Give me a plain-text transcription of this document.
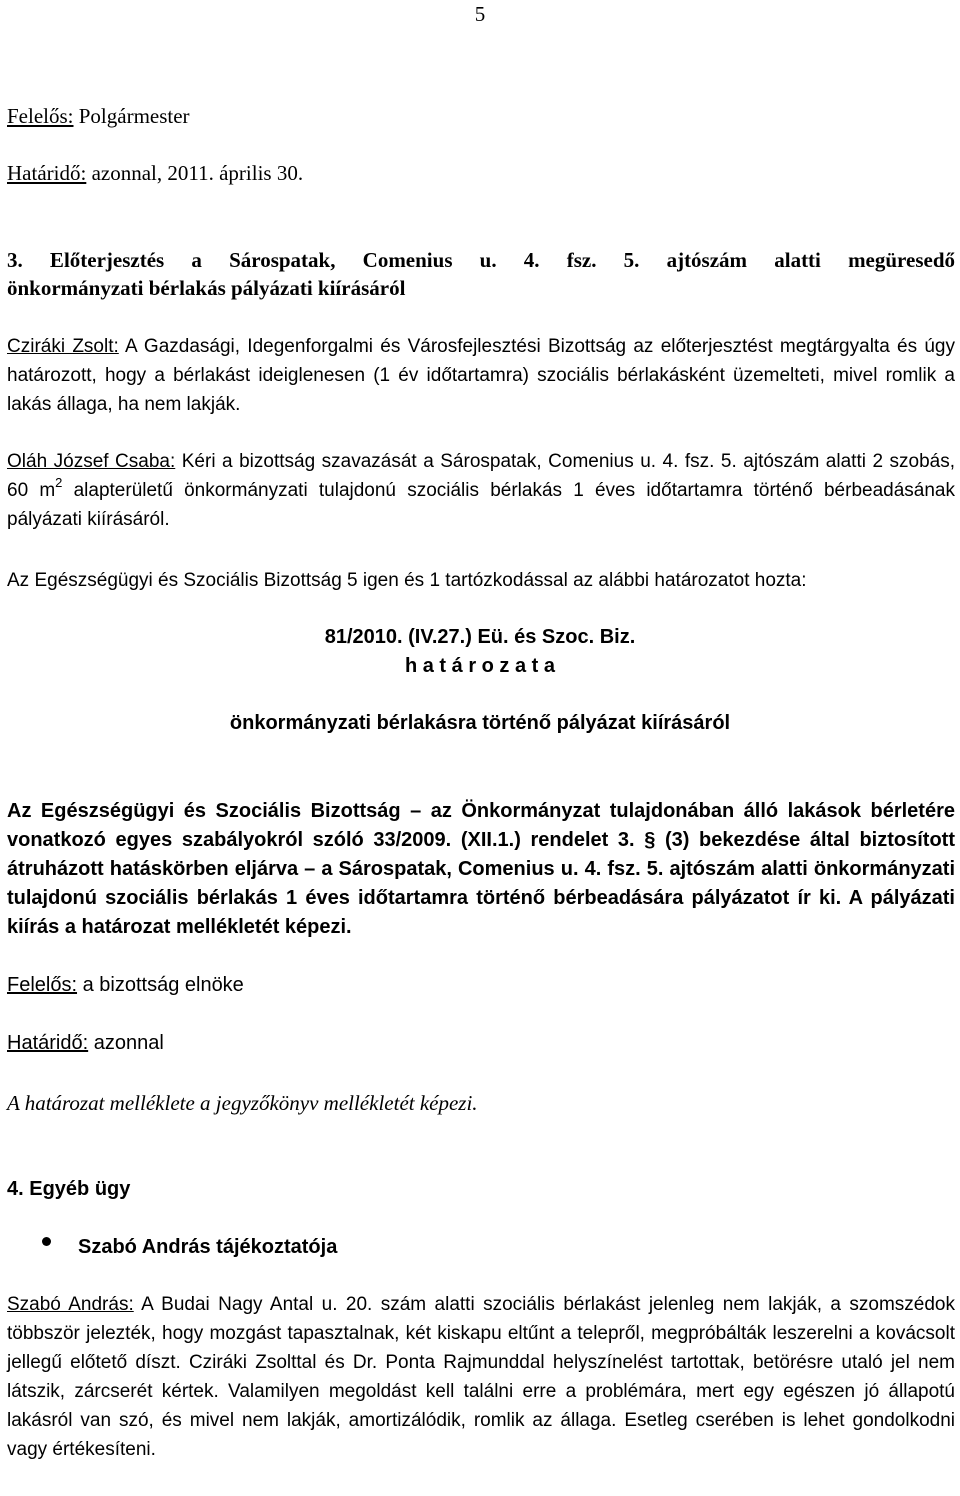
5
Felelős: Polgármester
Határidő: azonnal, 2011. április 30.
3. Előterjesztés a Sárospatak, Comenius u. 4. fsz. 5. ajtószám alatti megüresedő
önkormányzati bérlakás pályázati kiírásáról
Cziráki Zsolt: A Gazdasági, Idegenforgalmi és Városfejlesztési Bizottság az előterjesztést megtárgyalta és úgy határozott, hogy a bérlakást ideiglenesen (1 év időtartamra) szociális bérlakásként üzemelteti, mivel romlik a lakás állaga, ha nem lakják.
Oláh József Csaba: Kéri a bizottság szavazását a Sárospatak, Comenius u. 4. fsz. 5. ajtószám alatti 2 szobás, 60 $m^2$ alapterületű önkormányzati tulajdonú szociális bérlakás 1 éves időtartamra történő bérbeadásának pályázati kiírásáról.
Az Egészségügyi és Szociális Bizottság 5 igen és 1 tartózkodással az alábbi határozatot hozta:
81/2010. (IV.27.) Eü. és Szoc. Biz.
h a t á r o z a t a
önkormányzati bérlakásra történő pályázat kiírásáról
Az Egészségügyi és Szociális Bizottság – az Önkormányzat tulajdonában álló lakások bérletére vonatkozó egyes szabályokról szóló 33/2009. (XII.1.) rendelet 3. § (3) bekezdése által biztosított átruházott hatáskörben eljárva – a Sárospatak, Comenius u. 4. fsz. 5. ajtószám alatti önkormányzati tulajdonú szociális bérlakás 1 éves időtartamra történő bérbeadására pályázatot ír ki. A pályázati kiírás a határozat mellékletét képezi.
Felelős: a bizottság elnöke
Határidő: azonnal
A határozat melléklete a jegyzőkönyv mellékletét képezi.
4. Egyéb ügy
Szabó András tájékoztatója
Szabó András: A Budai Nagy Antal u. 20. szám alatti szociális bérlakást jelenleg nem lakják, a szomszédok többször jelezték, hogy mozgást tapasztalnak, két kiskapu eltűnt a telepről, megpróbálták leszerelni a kovácsolt jellegű előtető díszt. Cziráki Zsolttal és Dr. Ponta Rajmunddal helyszínelést tartottak, betörésre utaló jel nem látszik, zárcserét kértek. Valamilyen megoldást kell találni erre a problémára, mert egy egészen jó állapotú lakásról van szó, és mivel nem lakják, amortizálódik, romlik az állaga. Esetleg cserében is lehet gondolkodni vagy értékesíteni.
